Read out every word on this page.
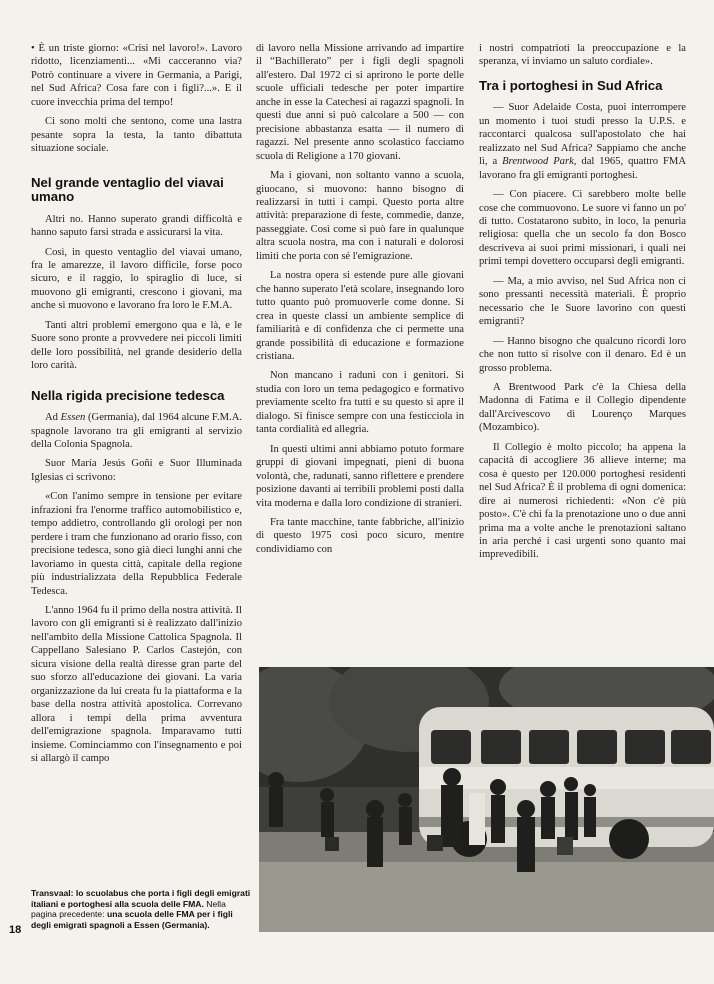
• È un triste giorno: «Crisi nel lavoro!». Lavoro ridotto, licenziamenti... «Mi cacceranno via? Potrò continuare a vivere in Germania, a Parigi, nel Sud Africa? Cosa fare con i figli?...». E il cuore invecchia prima del tempo!

Ci sono molti che sentono, come una lastra pesante sopra la testa, la tanto dibattuta situazione sociale.

Nel grande ventaglio del viavai umano

Altri no. Hanno superato grandi difficoltà e hanno saputo farsi strada e assicurarsi la vita.

Così, in questo ventaglio del viavai umano, fra le amarezze, il lavoro difficile, forse poco sicuro, e il raggio, lo spiraglio di luce, si muovono gli emigranti, crescono i giovani, ma anche si muovono e lavorano fra loro le F.M.A.

Tanti altri problemi emergono qua e là, e le Suore sono pronte a provvedere nei piccoli limiti delle loro possibilità, nel grande desiderio della loro carità.

Nella rigida precisione tedesca

Ad Essen (Germania), dal 1964 alcune F.M.A. spagnole lavorano tra gli emigranti al servizio della Colonia Spagnola.

Suor María Jesús Goñi e Suor Illuminada Iglesias ci scrivono:

«Con l'animo sempre in tensione per evitare infrazioni fra l'enorme traffico automobilistico e, tempo addietro, controllando gli orologi per non perdere i tram che funzionano ad orario fisso, con precisione tedesca, sono già dieci lunghi anni che lavoriamo in questa città, capitale della regione più industrializzata della Repubblica Federale Tedesca.

L'anno 1964 fu il primo della nostra attività. Il lavoro con gli emigranti si è realizzato dall'inizio nell'ambito della Missione Cattolica Spagnola. Il Cappellano Salesiano P. Carlos Castejón, con sicura visione della realtà diresse gran parte del suo sforzo all'educazione dei giovani. La varia organizzazione da lui creata fu la piattaforma e la base della nostra attività apostolica. Correvano allora i tempi della prima avventura dell'emigrazione spagnola. Imparavamo tutti insieme. Cominciammo con l'insegnamento e poi si allargò il campo

di lavoro nella Missione arrivando ad impartire il “Bachillerato” per i figli degli spagnoli all'estero. Dal 1972 ci si aprirono le porte delle scuole ufficiali tedesche per poter impartire anche in esse la Catechesi ai ragazzi spagnoli. In questi due anni si può calcolare a 500 — con precisione abbastanza esatta — il numero di ragazzi. Nel presente anno scolastico facciamo scuola di Religione a 170 giovani.

Ma i giovani, non soltanto vanno a scuola, giuocano, si muovono: hanno bisogno di realizzarsi in tutti i campi. Questo porta altre attività: preparazione di feste, commedie, danze, passeggiate. Così come si può fare in qualunque altra scuola nostra, ma con i naturali e dolorosi limiti che porta con sé l'emigrazione.

La nostra opera si estende pure alle giovani che hanno superato l'età scolare, insegnando loro tutto quanto può promuoverle come donne. Si crea in queste classi un ambiente semplice di familiarità e di confidenza che ci permette una grande possibilità di educazione e formazione cristiana.

Non mancano i raduni con i genitori. Si studia con loro un tema pedagogico e formativo previamente scelto fra tutti e su questo si apre il dialogo. Si finisce sempre con una festicciola in tanta cordialità ed allegria.

In questi ultimi anni abbiamo potuto formare gruppi di giovani impegnati, pieni di buona volontà, che, radunati, sanno riflettere e prendere posizione davanti ai terribili problemi posti dalla vita moderna e dalla loro condizione di stranieri.

Fra tante macchine, tante fabbriche, all'inizio di questo 1975 così poco sicuro, mentre condividiamo con

i nostri compatrioti la preoccupazione e la speranza, vi inviamo un saluto cordiale».

Tra i portoghesi in Sud Africa

— Suor Adelaide Costa, puoi interrompere un momento i tuoi studi presso la U.P.S. e raccontarci qualcosa sull'apostolato che hai realizzato nel Sud Africa? Sappiamo che anche lì, a Brentwood Park, dal 1965, quattro FMA lavorano fra gli emigranti portoghesi.

— Con piacere. Ci sarebbero molte belle cose che commuovono. Le suore vi fanno un po' di tutto. Costatarono subito, in loco, la penuria religiosa: quella che un secolo fa don Bosco descriveva ai suoi primi missionari, i quali nei primi tempi dovettero occuparsi degli emigranti.

— Ma, a mio avviso, nel Sud Africa non ci sono pressanti necessità materiali. È proprio necessario che le Suore lavorino con questi emigranti?

— Hanno bisogno che qualcuno ricordi loro che non tutto si risolve con il denaro. Ed è un grosso problema.

A Brentwood Park c'è la Chiesa della Madonna di Fatima e il Collegio dipendente dall'Arcivescovo di Lourenço Marques (Mozambico).

Il Collegio è molto piccolo; ha appena la capacità di accogliere 36 allieve interne; ma cosa è questo per 120.000 portoghesi residenti nel Sud Africa? È il problema di ogni domenica: dire ai numerosi richiedenti: «Non c'è più posto». C'è chi fa la prenotazione uno o due anni prima ma a volte anche le prenotazioni saltano in aria perché i casi urgenti sono quanto mai imprevedibili.

Transvaal: lo scuolabus che porta i figli degli emigrati italiani e portoghesi alla scuola delle FMA. Nella pagina precedente: una scuola delle FMA per i figli degli emigrati spagnoli a Essen (Germania).
18
